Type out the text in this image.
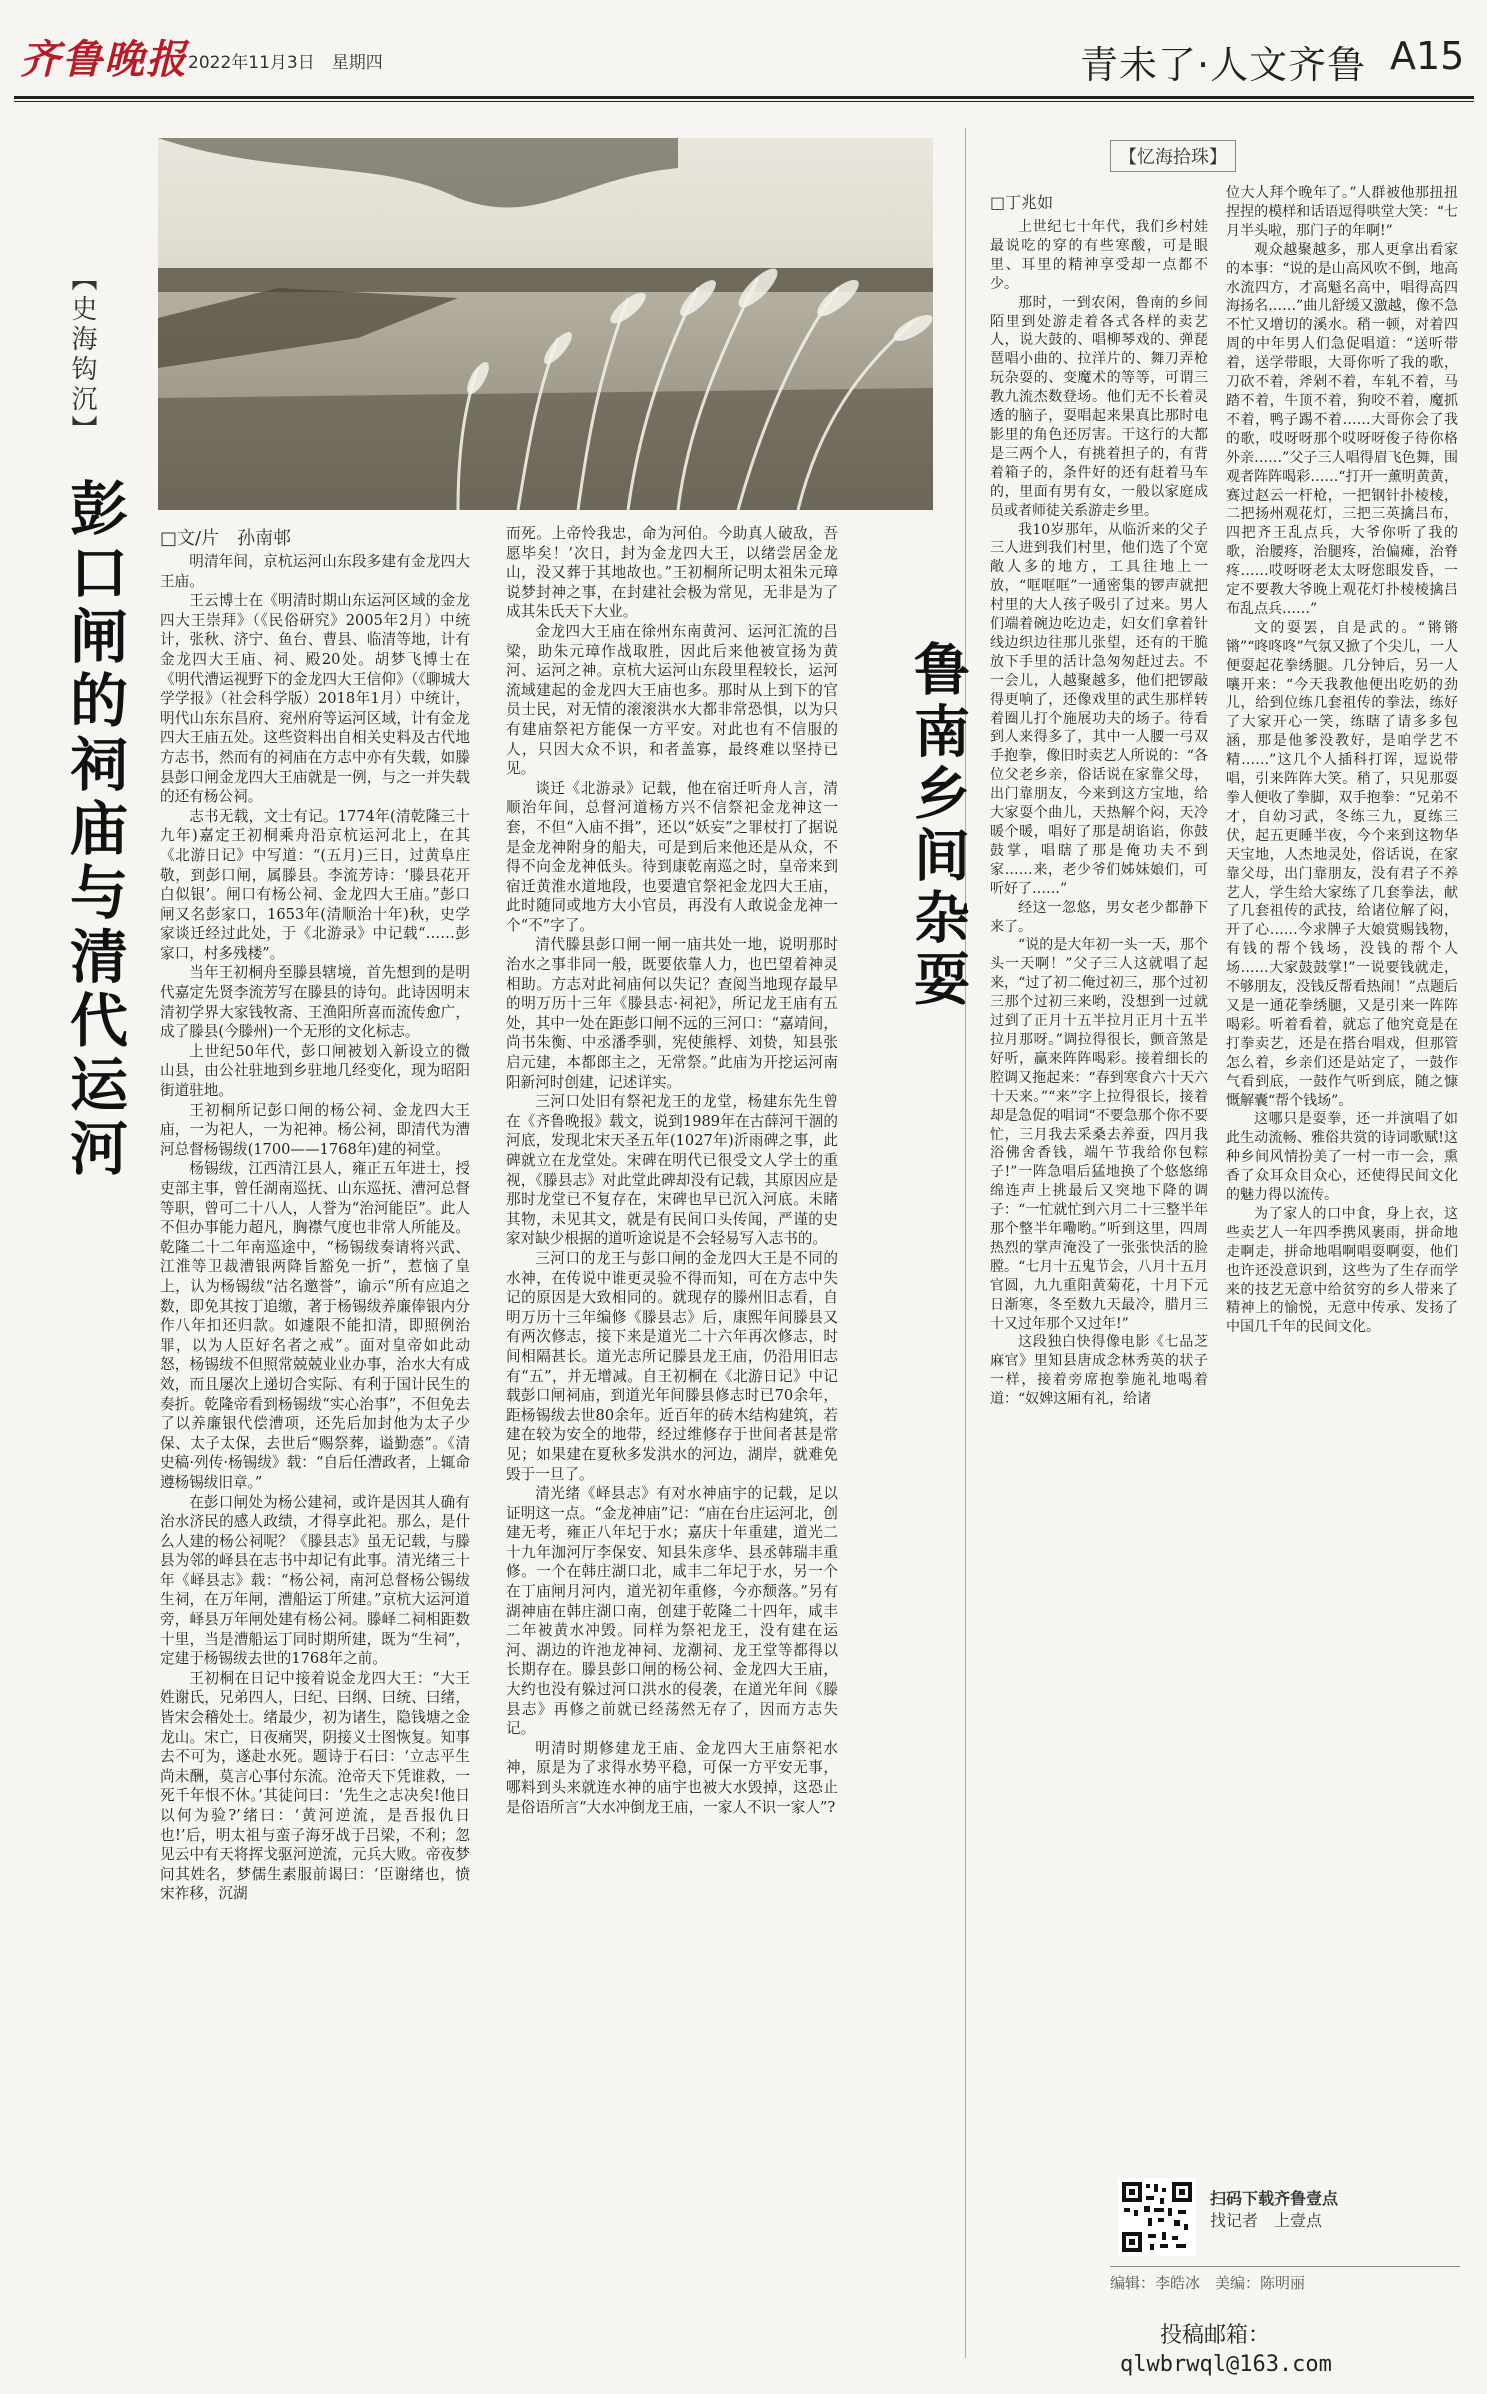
齐鲁晚报 2022年11月3日　星期四	青未了·人文齐鲁 A15
【史海钩沉】
彭口闸的祠庙与清代运河	□文/片　孙南邨

明清年间，京杭运河山东段多建有金龙四大王庙。

王云博士在《明清时期山东运河区域的金龙四大王崇拜》（《民俗研究》2005年2月）中统计，张秋、济宁、鱼台、曹县、临清等地，计有金龙四大王庙、祠、殿20处。胡梦飞博士在《明代漕运视野下的金龙四大王信仰》（《聊城大学学报》（社会科学版）2018年1月）中统计，明代山东东昌府、兖州府等运河区域，计有金龙四大王庙五处。这些资料出自相关史料及古代地方志书，然而有的祠庙在方志中亦有失载，如滕县彭口闸金龙四大王庙就是一例，与之一并失载的还有杨公祠。

志书无载，文士有记。1774年(清乾隆三十九年)嘉定王初桐乘舟沿京杭运河北上，在其《北游日记》中写道：“(五月)三日，过黄阜庄敬，到彭口闸，属滕县。李流芳诗：‘滕县花开白似银’。闸口有杨公祠、金龙四大王庙。”彭口闸又名彭家口，1653年(清顺治十年)秋，史学家谈迁经过此处，于《北游录》中记载“……彭家口，村多残楼”。

当年王初桐舟至滕县辖境，首先想到的是明代嘉定先贤李流芳写在滕县的诗句。此诗因明末清初学界大家钱牧斋、王渔阳所喜而流传愈广，成了滕县(今滕州)一个无形的文化标志。

上世纪50年代，彭口闸被划入新设立的微山县，由公社驻地到乡驻地几经变化，现为昭阳街道驻地。

王初桐所记彭口闸的杨公祠、金龙四大王庙，一为祀人，一为祀神。杨公祠，即清代为漕河总督杨锡绂(1700——1768年)建的祠堂。

杨锡绂，江西清江县人，雍正五年进士，授吏部主事，曾任湖南巡抚、山东巡抚、漕河总督等职，曾可二十八人，人誉为“治河能臣”。此人不但办事能力超凡，胸襟气度也非常人所能及。乾隆二十二年南巡途中，“杨锡绂奏请将兴武、江淮等卫裁漕银两降旨豁免一折”，惹恼了皇上，认为杨锡绂“沽名邀誉”，谕示“所有应追之数，即免其按丁追缴，著于杨锡绂养廉俸银内分作八年扣还归款。如遽限不能扣清，即照例治罪，以为人臣好名者之戒”。面对皇帝如此动怒，杨锡绂不但照常兢兢业业办事，治水大有成效，而且屡次上递切合实际、有利于国计民生的奏折。乾隆帝看到杨锡绂“实心治事”，不但免去了以养廉银代偿漕项，还先后加封他为太子少保、太子太保，去世后“赐祭葬，谥勤悫”。《清史稿·列传·杨锡绂》载：“自后任漕政者，上辄命遵杨锡绂旧章。”

在彭口闸处为杨公建祠，或许是因其人确有治水济民的感人政绩，才得享此祀。那么，是什么人建的杨公祠呢？《滕县志》虽无记载，与滕县为邻的峄县在志书中却记有此事。清光绪三十年《峄县志》载：“杨公祠，南河总督杨公锡绂生祠，在万年闸，漕船运丁所建。”京杭大运河道旁，峄县万年闸处建有杨公祠。滕峄二祠相距数十里，当是漕船运丁同时期所建，既为“生祠”，定建于杨锡绂去世的1768年之前。

王初桐在日记中接着说金龙四大王：“大王姓谢氏，兄弟四人，曰纪、曰纲、曰统、曰绪，皆宋会稽处士。绪最少，初为诸生，隐钱塘之金龙山。宋亡，日夜痛哭，阴接义士图恢复。知事去不可为，遂赴水死。题诗于石曰：‘立志平生尚未酬，莫言心事付东流。沧帝天下凭谁救，一死千年恨不休。’其徒问曰：‘先生之志决矣!他日以何为验?’绪曰：‘黄河逆流，是吾报仇日也!’后，明太祖与蛮子海牙战于吕梁，不利；忽见云中有天将挥戈驱河逆流，元兵大败。帝夜梦问其姓名，梦儒生素服前谒曰：‘臣谢绪也，愤宋祚移，沉湖

而死。上帝怜我忠，命为河伯。今助真人破敌，吾愿毕矣！’次日，封为金龙四大王，以绪尝居金龙山，没又葬于其地故也。”王初桐所记明太祖朱元璋说梦封神之事，在封建社会极为常见，无非是为了成其朱氏天下大业。

金龙四大王庙在徐州东南黄河、运河汇流的吕梁，助朱元璋作战取胜，因此后来他被宣扬为黄河、运河之神。京杭大运河山东段里程较长，运河流域建起的金龙四大王庙也多。那时从上到下的官员士民，对无情的滚滚洪水大都非常恐惧，以为只有建庙祭祀方能保一方平安。对此也有不信服的人，只因大众不识，和者盖寡，最终难以坚持已见。

谈迁《北游录》记载，他在宿迁听舟人言，清顺治年间，总督河道杨方兴不信祭祀金龙神这一套，不但“入庙不揖”，还以“妖妄”之罪杖打了据说是金龙神附身的船夫，可是到后来他还是从众，不得不向金龙神低头。待到康乾南巡之时，皇帝来到宿迁黄淮水道地段，也要遣官祭祀金龙四大王庙，此时随同或地方大小官员，再没有人敢说金龙神一个“不”字了。

清代滕县彭口闸一闸一庙共处一地，说明那时治水之事非同一般，既要依靠人力，也巴望着神灵相助。方志对此祠庙何以失记？查阅当地现存最早的明万历十三年《滕县志·祠祀》，所记龙王庙有五处，其中一处在距彭口闸不远的三河口：“嘉靖间，尚书朱衡、中丞潘季驯，宪使熊桴、刘贽，知县张启元建，本都郎主之，无常祭。”此庙为开挖运河南阳新河时创建，记述详实。

三河口处旧有祭祀龙王的龙堂，杨建东先生曾在《齐鲁晚报》载文，说到1989年在古薛河干涸的河底，发现北宋天圣五年(1027年)沂雨碑之事，此碑就立在龙堂处。宋碑在明代已很受文人学士的重视，《滕县志》对此堂此碑却没有记载，其原因应是那时龙堂已不复存在，宋碑也早已沉入河底。未睹其物，未见其文，就是有民间口头传闻，严谨的史家对缺少根据的道听途说是不会轻易写入志书的。

三河口的龙王与彭口闸的金龙四大王是不同的水神，在传说中谁更灵验不得而知，可在方志中失记的原因是大致相同的。就现存的滕州旧志看，自明万历十三年编修《滕县志》后，康熙年间滕县又有两次修志，接下来是道光二十六年再次修志，时间相隔甚长。道光志所记滕县龙王庙，仍沿用旧志有“五”，并无增减。自王初桐在《北游日记》中记载彭口闸祠庙，到道光年间滕县修志时已70余年，距杨锡绂去世80余年。近百年的砖木结构建筑，若建在较为安全的地带，经过维修存于世间者甚是常见；如果建在夏秋多发洪水的河边，湖岸，就难免毁于一旦了。

清光绪《峄县志》有对水神庙宇的记载，足以证明这一点。“金龙神庙”记：“庙在台庄运河北，创建无考，雍正八年圮于水；嘉庆十年重建，道光二十九年泇河厅李保安、知县朱彦华、县丞韩瑞丰重修。一个在韩庄湖口北，咸丰二年圮于水，另一个在丁庙闸月河内，道光初年重修，今亦颓落。”另有湖神庙在韩庄湖口南，创建于乾隆二十四年，咸丰二年被黄水冲毁。同样为祭祀龙王，没有建在运河、湖边的许池龙神祠、龙潮祠、龙王堂等都得以长期存在。滕县彭口闸的杨公祠、金龙四大王庙，大约也没有躲过河口洪水的侵袭，在道光年间《滕县志》再修之前就已经荡然无存了，因而方志失记。

明清时期修建龙王庙、金龙四大王庙祭祀水神，原是为了求得水势平稳，可保一方平安无事，哪料到头来就连水神的庙宇也被大水毁掉，这恐止是俗语所言“大水冲倒龙王庙，一家人不识一家人”?

【忆海拾珠】
鲁南乡间杂耍
□丁兆如

上世纪七十年代，我们乡村娃最说吃的穿的有些寒酸，可是眼里、耳里的精神享受却一点都不少。

那时，一到农闲，鲁南的乡间陌里到处游走着各式各样的卖艺人，说大鼓的、唱柳琴戏的、弹琵琶唱小曲的、拉洋片的、舞刀弄枪玩杂耍的、变魔术的等等，可谓三教九流杰数登场。他们无不长着灵透的脑子，耍唱起来果真比那时电影里的角色还厉害。干这行的大都是三两个人，有挑着担子的，有背着箱子的，条件好的还有赶着马车的，里面有男有女，一般以家庭成员或者师徒关系游走乡里。

我10岁那年，从临沂来的父子三人进到我们村里，他们选了个宽敞人多的地方，工具往地上一放，“哐哐哐”一通密集的锣声就把村里的大人孩子吸引了过来。男人们端着碗边吃边走，妇女们拿着针线边织边往那儿张望，还有的干脆放下手里的活计急匆匆赶过去。不一会儿，人越聚越多，他们把锣敲得更响了，还像戏里的武生那样转着圈儿打个施展功夫的场子。待看到人来得多了，其中一人腰一弓双手抱拳，像旧时卖艺人所说的：“各位父老乡亲，俗话说在家靠父母，出门靠朋友，今来到这方宝地，给大家耍个曲儿，天热解个闷，天冷暖个暖，唱好了那是胡谄谄，你鼓鼓掌，唱瞎了那是俺功夫不到家……来，老少爷们姊妹娘们，可听好了……”

经这一忽悠，男女老少都静下来了。

“说的是大年初一头一天，那个头一天啊！”父子三人这就唱了起来，“过了初二俺过初三，那个过初三那个过初三来哟，没想到一过就过到了正月十五半拉月正月十五半拉月那呀。”调拉得很长，颤音煞是好听，赢来阵阵喝彩。接着细长的腔调又拖起来：“春到寒食六十天六十天来。”“来”字上拉得很长，接着却是急促的唱词“不要急那个你不要忙，三月我去采桑去养蚕，四月我浴佛舍香钱，端午节我给你包粽子!”一阵急唱后猛地换了个悠悠绵绵连声上挑最后又突地下降的调子：“一忙就忙到六月二十三整半年那个整半年嘞哟。”听到这里，四周热烈的掌声淹没了一张张快活的脸膛。“七月十五鬼节会，八月十五月官圆，九九重阳黄菊花，十月下元日渐寒，冬至数九天最冷，腊月三十又过年那个又过年!”

这段独白快得像电影《七品芝麻官》里知县唐成念林秀英的状子一样，接着旁席抱拳施礼地喝着道：“奴婢这厢有礼，给诸

位大人拜个晚年了。”人群被他那扭扭捏捏的模样和话语逗得哄堂大笑：“七月半头啦，那门子的年啊!”

观众越聚越多，那人更拿出看家的本事：“说的是山高风吹不倒，地高水流四方，才高魁名高中，唱得高四海扬名……”曲儿舒缓又激越，像不急不忙又增切的溪水。稍一顿，对着四周的中年男人们急促唱道：“送听带着，送学带眼，大哥你听了我的歌，刀砍不着，斧剁不着，车轧不着，马踏不着，牛顶不着，狗咬不着，魔抓不着，鸭子踢不着……大哥你会了我的歌，哎呀呀那个哎呀呀俊子待你格外亲……”父子三人唱得眉飞色舞，围观者阵阵喝彩……“打开一薰明黄黄，赛过赵云一杆枪，一把钢针扑棱棱，二把扬州观花灯，三把三英擒吕布，四把齐王乱点兵，大爷你听了我的歌，治腰疼，治腿疼，治偏瘫，治脊疼……哎呀呀老太太呀您眼发昏，一定不要教大爷晚上观花灯扑棱棱擒吕布乱点兵……”

文的耍罢，自是武的。“锵锵锵”“咚咚咚”气氛又掀了个尖儿，一人便耍起花拳绣腿。几分钟后，另一人嚷开来：“今天我教他便出吃奶的劲儿，给到位练几套祖传的拳法，练好了大家开心一笑，练瞎了请多多包涵，那是他爹没教好，是咱学艺不精……”这几个人插科打诨，逗说带唱，引来阵阵大笑。稍了，只见那耍拳人便收了拳脚，双手抱拳：“兄弟不才，自幼习武，冬练三九，夏练三伏，起五更睡半夜，今个来到这物华天宝地，人杰地灵处，俗话说，在家靠父母，出门靠朋友，没有君子不养艺人，学生给大家练了几套拳法，献了几套祖传的武技，给诸位解了闷，开了心……今求牌子大娘赏赐钱物，有钱的帮个钱场，没钱的帮个人场……大家鼓鼓掌!”一说要钱就走，不够朋友，没钱反帮看热闹！”点题后又是一通花拳绣腿，又是引来一阵阵喝彩。听着看着，就忘了他究竟是在打拳卖艺，还是在搭台唱戏，但那管怎么着，乡亲们还是站定了，一鼓作气看到底，一鼓作气听到底，随之慷慨解囊“帮个钱场”。

这哪只是耍拳，还一并演唱了如此生动流畅、雅俗共赏的诗词歌赋!这种乡间风情扮美了一村一市一会，熏香了众耳众目众心，还使得民间文化的魅力得以流传。

为了家人的口中食，身上衣，这些卖艺人一年四季携风裹雨，拼命地走啊走，拼命地唱啊唱耍啊耍，他们也许还没意识到，这些为了生存而学来的技艺无意中给贫穷的乡人带来了精神上的愉悦，无意中传承、发扬了中国几千年的民间文化。

扫码下载齐鲁壹点
找记者　上壹点
编辑：李皓冰　美编：陈明丽
投稿邮箱：
qlwbrwql@163.com
